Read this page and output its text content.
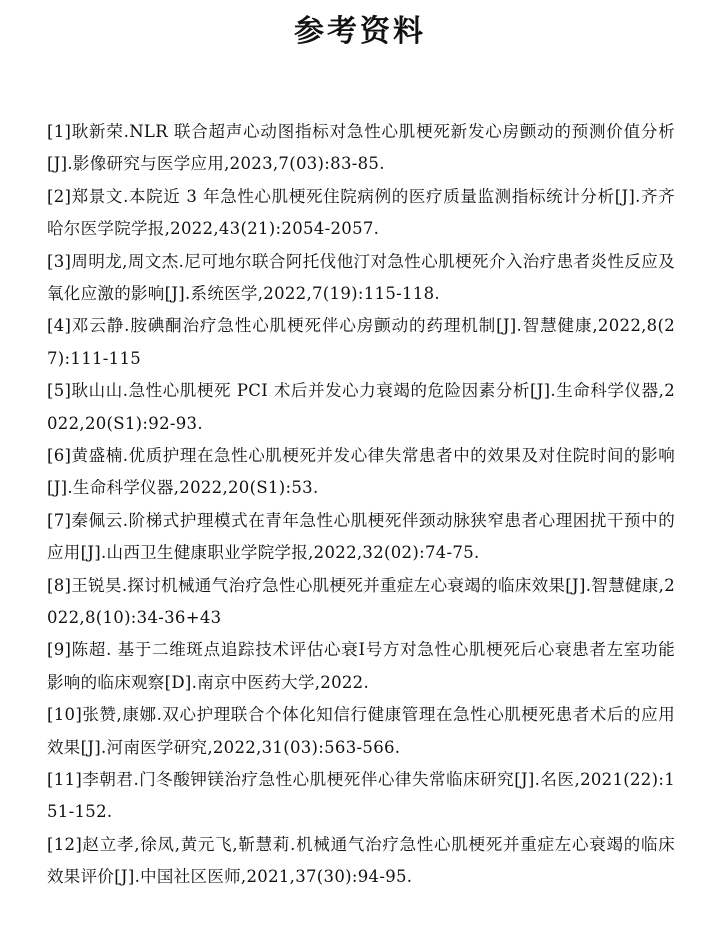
参考资料
[1]耿新荣.NLR 联合超声心动图指标对急性心肌梗死新发心房颤动的预测价值分析[J].影像研究与医学应用,2023,7(03):83-85.
[2]郑景文.本院近 3 年急性心肌梗死住院病例的医疗质量监测指标统计分析[J].齐齐哈尔医学院学报,2022,43(21):2054-2057.
[3]周明龙,周文杰.尼可地尔联合阿托伐他汀对急性心肌梗死介入治疗患者炎性反应及氧化应激的影响[J].系统医学,2022,7(19):115-118.
[4]邓云静.胺碘酮治疗急性心肌梗死伴心房颤动的药理机制[J].智慧健康,2022,8(27):111-115
[5]耿山山.急性心肌梗死 PCI 术后并发心力衰竭的危险因素分析[J].生命科学仪器,2022,20(S1):92-93.
[6]黄盛楠.优质护理在急性心肌梗死并发心律失常患者中的效果及对住院时间的影响[J].生命科学仪器,2022,20(S1):53.
[7]秦佩云.阶梯式护理模式在青年急性心肌梗死伴颈动脉狭窄患者心理困扰干预中的应用[J].山西卫生健康职业学院学报,2022,32(02):74-75.
[8]王锐昊.探讨机械通气治疗急性心肌梗死并重症左心衰竭的临床效果[J].智慧健康,2022,8(10):34-36+43
[9]陈超. 基于二维斑点追踪技术评估心衰Ⅰ号方对急性心肌梗死后心衰患者左室功能影响的临床观察[D].南京中医药大学,2022.
[10]张赞,康娜.双心护理联合个体化知信行健康管理在急性心肌梗死患者术后的应用效果[J].河南医学研究,2022,31(03):563-566.
[11]李朝君.门冬酸钾镁治疗急性心肌梗死伴心律失常临床研究[J].名医,2021(22):151-152.
[12]赵立孝,徐凤,黄元飞,靳慧莉.机械通气治疗急性心肌梗死并重症左心衰竭的临床效果评价[J].中国社区医师,2021,37(30):94-95.
